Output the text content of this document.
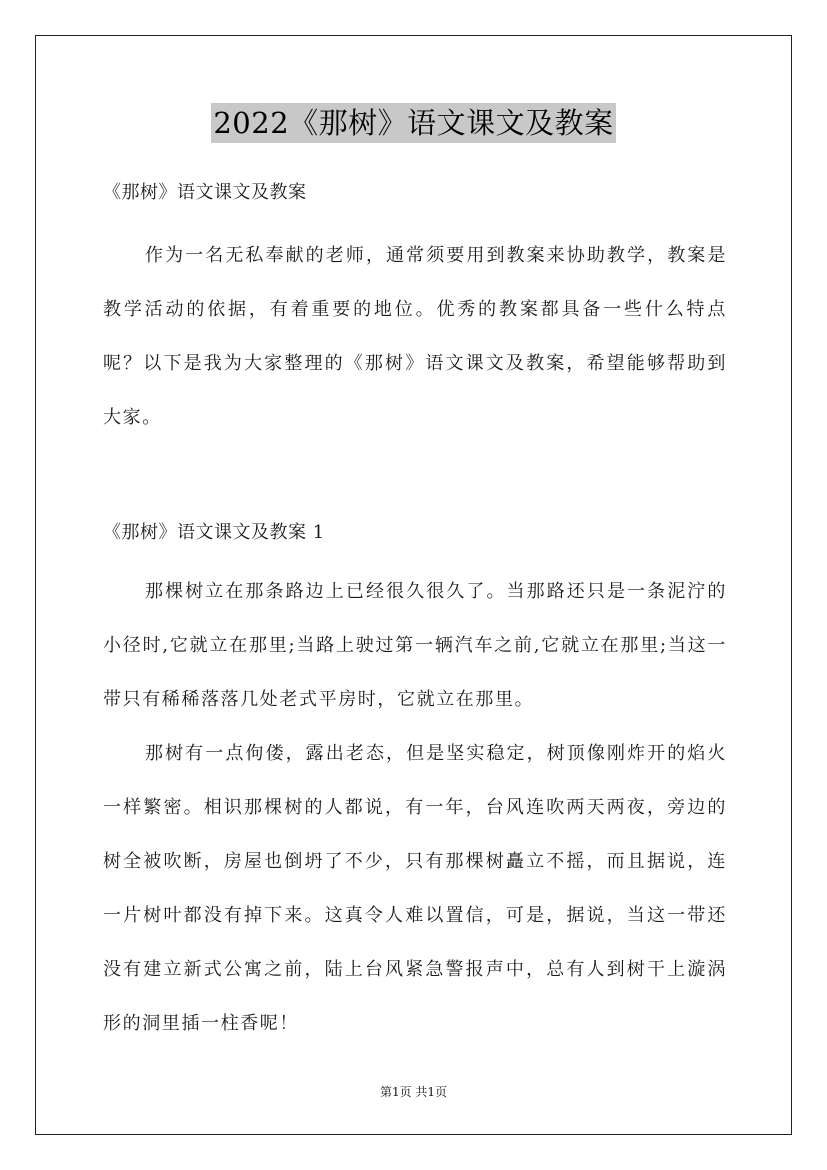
2022《那树》语文课文及教案

《那树》语文课文及教案

作为一名无私奉献的老师，通常须要用到教案来协助教学，教案是教学活动的依据，有着重要的地位。优秀的教案都具备一些什么特点呢？以下是我为大家整理的《那树》语文课文及教案，希望能够帮助到大家。

《那树》语文课文及教案 1

那棵树立在那条路边上已经很久很久了。当那路还只是一条泥泞的小径时,它就立在那里;当路上驶过第一辆汽车之前,它就立在那里;当这一带只有稀稀落落几处老式平房时，它就立在那里。

那树有一点佝偻，露出老态，但是坚实稳定，树顶像刚炸开的焰火一样繁密。相识那棵树的人都说，有一年，台风连吹两天两夜，旁边的树全被吹断，房屋也倒坍了不少，只有那棵树矗立不摇，而且据说，连一片树叶都没有掉下来。这真令人难以置信，可是，据说，当这一带还没有建立新式公寓之前，陆上台风紧急警报声中，总有人到树干上漩涡形的洞里插一柱香呢！

第1页 共1页
